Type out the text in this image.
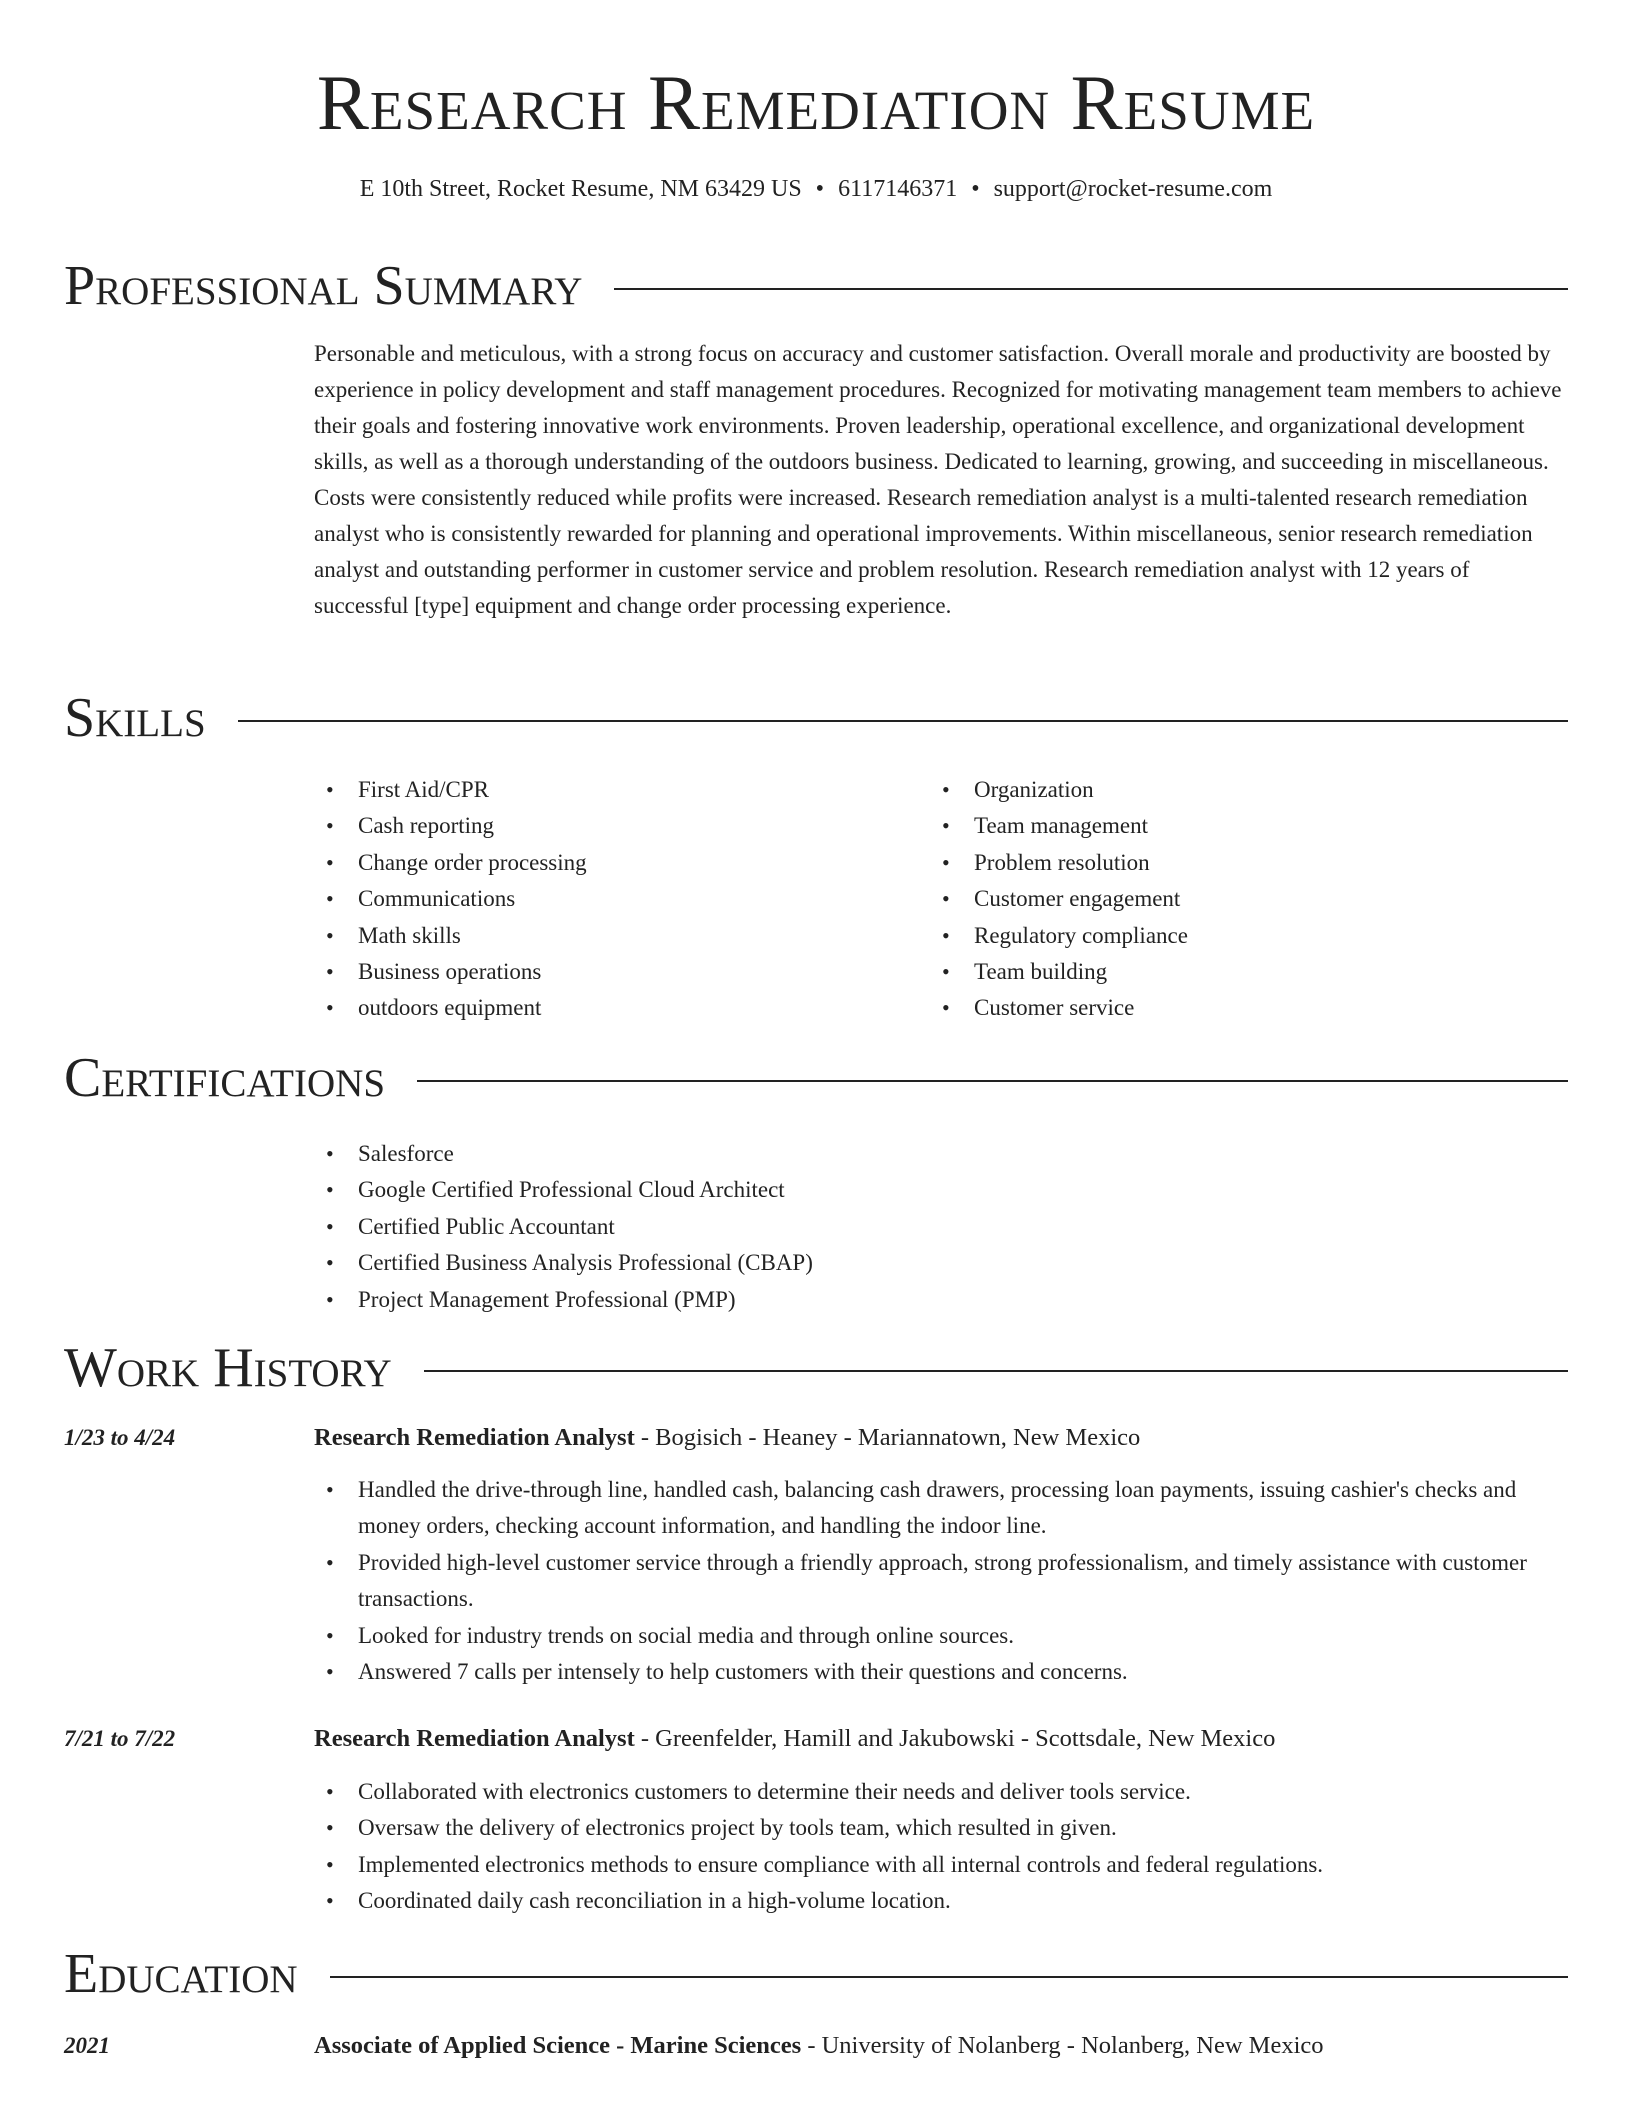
Research Remediation Resume
E 10th Street, Rocket Resume, NM 63429 US • 6117146371 • support@rocket-resume.com
Professional Summary
Personable and meticulous, with a strong focus on accuracy and customer satisfaction. Overall morale and productivity are boosted by experience in policy development and staff management procedures. Recognized for motivating management team members to achieve their goals and fostering innovative work environments. Proven leadership, operational excellence, and organizational development skills, as well as a thorough understanding of the outdoors business. Dedicated to learning, growing, and succeeding in miscellaneous. Costs were consistently reduced while profits were increased. Research remediation analyst is a multi-talented research remediation analyst who is consistently rewarded for planning and operational improvements. Within miscellaneous, senior research remediation analyst and outstanding performer in customer service and problem resolution. Research remediation analyst with 12 years of successful [type] equipment and change order processing experience.
Skills
• First Aid/CPR
• Cash reporting
• Change order processing
• Communications
• Math skills
• Business operations
• outdoors equipment
• Organization
• Team management
• Problem resolution
• Customer engagement
• Regulatory compliance
• Team building
• Customer service
Certifications
• Salesforce
• Google Certified Professional Cloud Architect
• Certified Public Accountant
• Certified Business Analysis Professional (CBAP)
• Project Management Professional (PMP)
Work History
1/23 to 4/24	Research Remediation Analyst - Bogisich - Heaney - Mariannatown, New Mexico
• Handled the drive-through line, handled cash, balancing cash drawers, processing loan payments, issuing cashier's checks and money orders, checking account information, and handling the indoor line.
• Provided high-level customer service through a friendly approach, strong professionalism, and timely assistance with customer transactions.
• Looked for industry trends on social media and through online sources.
• Answered 7 calls per intensely to help customers with their questions and concerns.
7/21 to 7/22	Research Remediation Analyst - Greenfelder, Hamill and Jakubowski - Scottsdale, New Mexico
• Collaborated with electronics customers to determine their needs and deliver tools service.
• Oversaw the delivery of electronics project by tools team, which resulted in given.
• Implemented electronics methods to ensure compliance with all internal controls and federal regulations.
• Coordinated daily cash reconciliation in a high-volume location.
Education
2021	Associate of Applied Science - Marine Sciences - University of Nolanberg - Nolanberg, New Mexico
